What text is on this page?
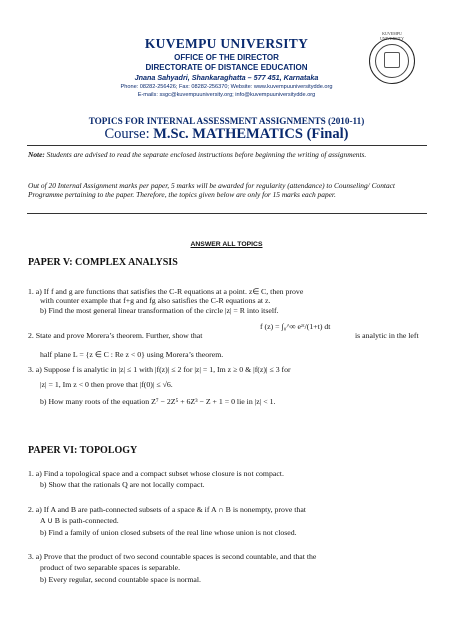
KUVEMPU UNIVERSITY
OFFICE OF THE DIRECTOR
DIRECTORATE OF DISTANCE EDUCATION
Jnana Sahyadri, Shankaraghatta – 577 451, Karnataka
Phone: 08282-256426; Fax: 08282-256370; Website: www.kuvempuuniversitydde.org
E-mails: ssgc@kuvempuuniversity.org; info@kuvempuuniversitydde.org
KUVEMPU UNIVERSITY
TOPICS FOR INTERNAL ASSESSMENT ASSIGNMENTS (2010-11)
Course: M.Sc. MATHEMATICS (Final)
Note: Students are advised to read the separate enclosed instructions before beginning the writing of assignments.
Out of 20 Internal Assignment marks per paper, 5 marks will be awarded for regularity (attendance) to Counseling/ Contact Programme pertaining to the paper. Therefore, the topics given below are only for 15 marks each paper.
ANSWER ALL TOPICS
PAPER V: COMPLEX ANALYSIS
1. a) If f and g are functions that satisfies the C-R equations at a point. z∈ C, then prove
with counter example that f+g and fg also satisfies the C-R equations at z.
b) Find the most general linear transformation of the circle |z| = R into itself.
2. State and prove Morera’s theorem. Further, show that
f (z) = ∫₀^∞ eᶻᵗ/(1+t) dt
is analytic in the left
half plane L = {z ∈ C : Re z < 0} using Morera’s theorem.
3. a) Suppose f is analytic in |z| ≤ 1 with |f(z)| ≤ 2 for |z| = 1, Im z ≥ 0 & |f(z)| ≤ 3 for
|z| = 1, Im z < 0 then prove that |f(0)| ≤ √6.
b) How many roots of the equation Z⁷ − 2Z⁵ + 6Z³ − Z + 1 = 0 lie in |z| < 1.
PAPER VI: TOPOLOGY
1. a) Find a topological space and a compact subset whose closure is not compact.
b) Show that the rationals Q are not locally compact.
2. a) If A and B are path-connected subsets of a space & if A ∩ B is nonempty, prove that
A ∪ B is path-connected.
b) Find a family of union closed subsets of the real line whose union is not closed.
3. a) Prove that the product of two second countable spaces is second countable, and that the
product of two separable spaces is separable.
b) Every regular, second countable space is normal.
